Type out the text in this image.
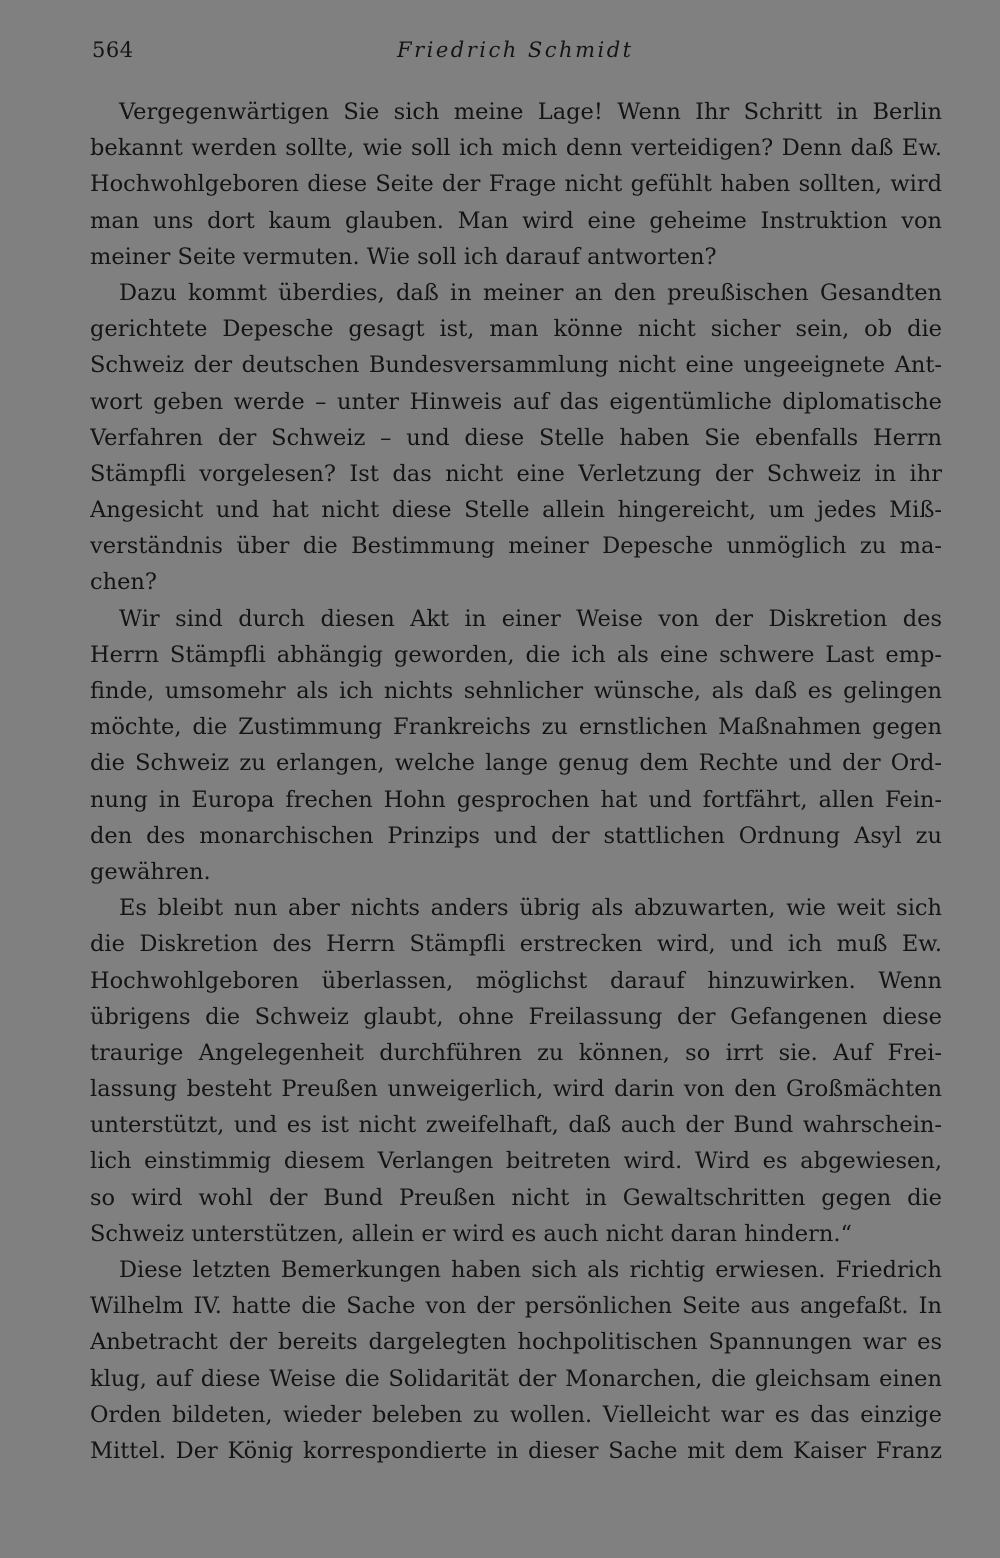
564	Friedrich Schmidt
Vergegenwärtigen Sie sich meine Lage! Wenn Ihr Schritt in Berlin
bekannt werden sollte, wie soll ich mich denn verteidigen? Denn daß Ew.
Hochwohlgeboren diese Seite der Frage nicht gefühlt haben sollten, wird
man uns dort kaum glauben. Man wird eine geheime Instruktion von
meiner Seite vermuten. Wie soll ich darauf antworten?
Dazu kommt überdies, daß in meiner an den preußischen Gesandten
gerichtete Depesche gesagt ist, man könne nicht sicher sein, ob die
Schweiz der deutschen Bundesversammlung nicht eine ungeeignete Ant-
wort geben werde – unter Hinweis auf das eigentümliche diplomatische
Verfahren der Schweiz – und diese Stelle haben Sie ebenfalls Herrn
Stämpfli vorgelesen? Ist das nicht eine Verletzung der Schweiz in ihr
Angesicht und hat nicht diese Stelle allein hingereicht, um jedes Miß-
verständnis über die Bestimmung meiner Depesche unmöglich zu ma-
chen?
Wir sind durch diesen Akt in einer Weise von der Diskretion des
Herrn Stämpfli abhängig geworden, die ich als eine schwere Last emp-
finde, umsomehr als ich nichts sehnlicher wünsche, als daß es gelingen
möchte, die Zustimmung Frankreichs zu ernstlichen Maßnahmen gegen
die Schweiz zu erlangen, welche lange genug dem Rechte und der Ord-
nung in Europa frechen Hohn gesprochen hat und fortfährt, allen Fein-
den des monarchischen Prinzips und der stattlichen Ordnung Asyl zu
gewähren.
Es bleibt nun aber nichts anders übrig als abzuwarten, wie weit sich
die Diskretion des Herrn Stämpfli erstrecken wird, und ich muß Ew.
Hochwohlgeboren überlassen, möglichst darauf hinzuwirken. Wenn
übrigens die Schweiz glaubt, ohne Freilassung der Gefangenen diese
traurige Angelegenheit durchführen zu können, so irrt sie. Auf Frei-
lassung besteht Preußen unweigerlich, wird darin von den Großmächten
unterstützt, und es ist nicht zweifelhaft, daß auch der Bund wahrschein-
lich einstimmig diesem Verlangen beitreten wird. Wird es abgewiesen,
so wird wohl der Bund Preußen nicht in Gewaltschritten gegen die
Schweiz unterstützen, allein er wird es auch nicht daran hindern.“
Diese letzten Bemerkungen haben sich als richtig erwiesen. Friedrich
Wilhelm IV. hatte die Sache von der persönlichen Seite aus angefaßt. In
Anbetracht der bereits dargelegten hochpolitischen Spannungen war es
klug, auf diese Weise die Solidarität der Monarchen, die gleichsam einen
Orden bildeten, wieder beleben zu wollen. Vielleicht war es das einzige
Mittel. Der König korrespondierte in dieser Sache mit dem Kaiser Franz
